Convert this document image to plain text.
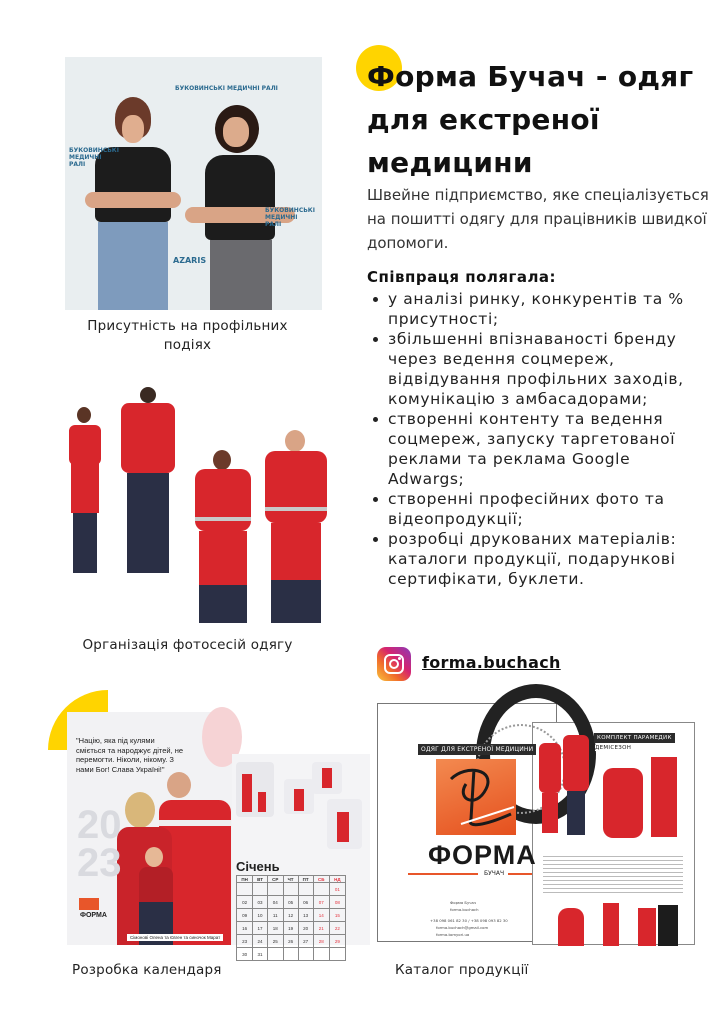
БУКОВИНСЬКІ МЕДИЧНІ РАЛІ
БУКОВИНСЬКІ МЕДИЧНІ РАЛІ
БУКОВИНСЬКІ МЕДИЧНІ РАЛІ
AZARIS
Присутність на профільних подіях
Організація фотосесій одягу
Форма Бучач - одяг для екстреної медицини

Швейне підприємство, яке спеціалізується на пошитті одягу для працівників швидкої допомоги.

Співпраця полягала:
у аналізі ринку, конкурентів та % присутності;
збільшенні впізнаваності бренду через ведення соцмереж, відвідування профільних заходів, комунікацію з амбасадорами;
створенні контенту та ведення соцмереж, запуску таргетованої реклами та реклама Google Adwargs;
створенні професійних фото та відеопродукції;
розробці друкованих матеріалів: каталоги продукції, подарункові сертифікати, буклети.
forma.buchach
"Націю, яка під кулями сміється та народжує дітей, не перемогти. Ніколи, нікому. З нами Бог! Слава Україні!"
20
23
ФОРМА
Сімонові Олена та Євген та синочок Марат
Січень
ПН	ВТ	СР	ЧТ	ПТ	СБ	НД
						01
02	03	04	05	06	07	08
09	10	11	12	13	14	15
16	17	18	19	20	21	22
23	24	25	26	27	28	29
30	31					
Розробка календаря
ОДЯГ ДЛЯ ЕКСТРЕНОЇ МЕДИЦИНИ
ФОРМА
БУЧАЧ
Форма Бучач
forma.buchach
+38 098 061 82 30 / +38 098 093 82 30
forma.buchach@gmail.com
forma-tomyori.ua
КОМПЛЕКТ ПАРАМЕДИК
ДЕМІСЕЗОН
Каталог продукції
